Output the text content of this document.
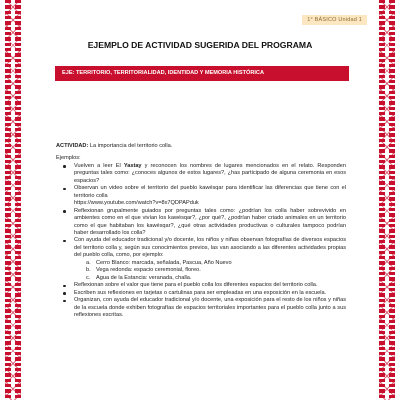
1° BÁSICO Unidad 1
EJEMPLO DE ACTIVIDAD SUGERIDA DEL PROGRAMA
EJE: TERRITORIO, TERRITORIALIDAD, IDENTIDAD Y MEMORIA HISTÓRICA

ACTIVIDAD: La importancia del territorio colla.

Ejemplos:

Vuelven a leer El Yastay y reconocen los nombres de lugares mencionados en el relato. Responden preguntas tales como: ¿conoces algunos de estos lugares?, ¿has participado de alguna ceremonia en esos espacios?
Observan un video sobre el territorio del pueblo kawésqar para identificar las diferencias que tiene con el territorio colla
https://www.youtube.com/watch?v=8x7QDPAPduk
Reflexionan grupalmente guiados por preguntas tales como: ¿podrían los colla haber sobrevivido en ambientes como en el que vivían los kawésqar?, ¿por qué?, ¿podrían haber criado animales en un territorio como el que habitaban los kawésqar?, ¿qué otras actividades productivas o culturales tampoco podrían haber desarrollado los colla?
Con ayuda del educador tradicional y/o docente, los niños y niñas observan fotografías de diversos espacios del territorio colla y, según sus conocimientos previos, las van asociando a las diferentes actividades propias del pueblo colla, como, por ejemplo:
a. Cerro Blanco: marcada, señalada, Pascua, Año Nuevo
b. Vega redonda: espacio ceremonial, floreo.
c. Agua de la Estancia: veranada, challa.
Reflexionan sobre el valor que tiene para el pueblo colla los diferentes espacios del territorio colla.
Escriben sus reflexiones en tarjetas o cartulinas para ser empleadas en una exposición en la escuela.
Organizan, con ayuda del educador tradicional y/o docente, una exposición para el resto de los niños y niñas de la escuela donde exhiben fotografías de espacios territoriales importantes para el pueblo colla junto a sus reflexiones escritas.
